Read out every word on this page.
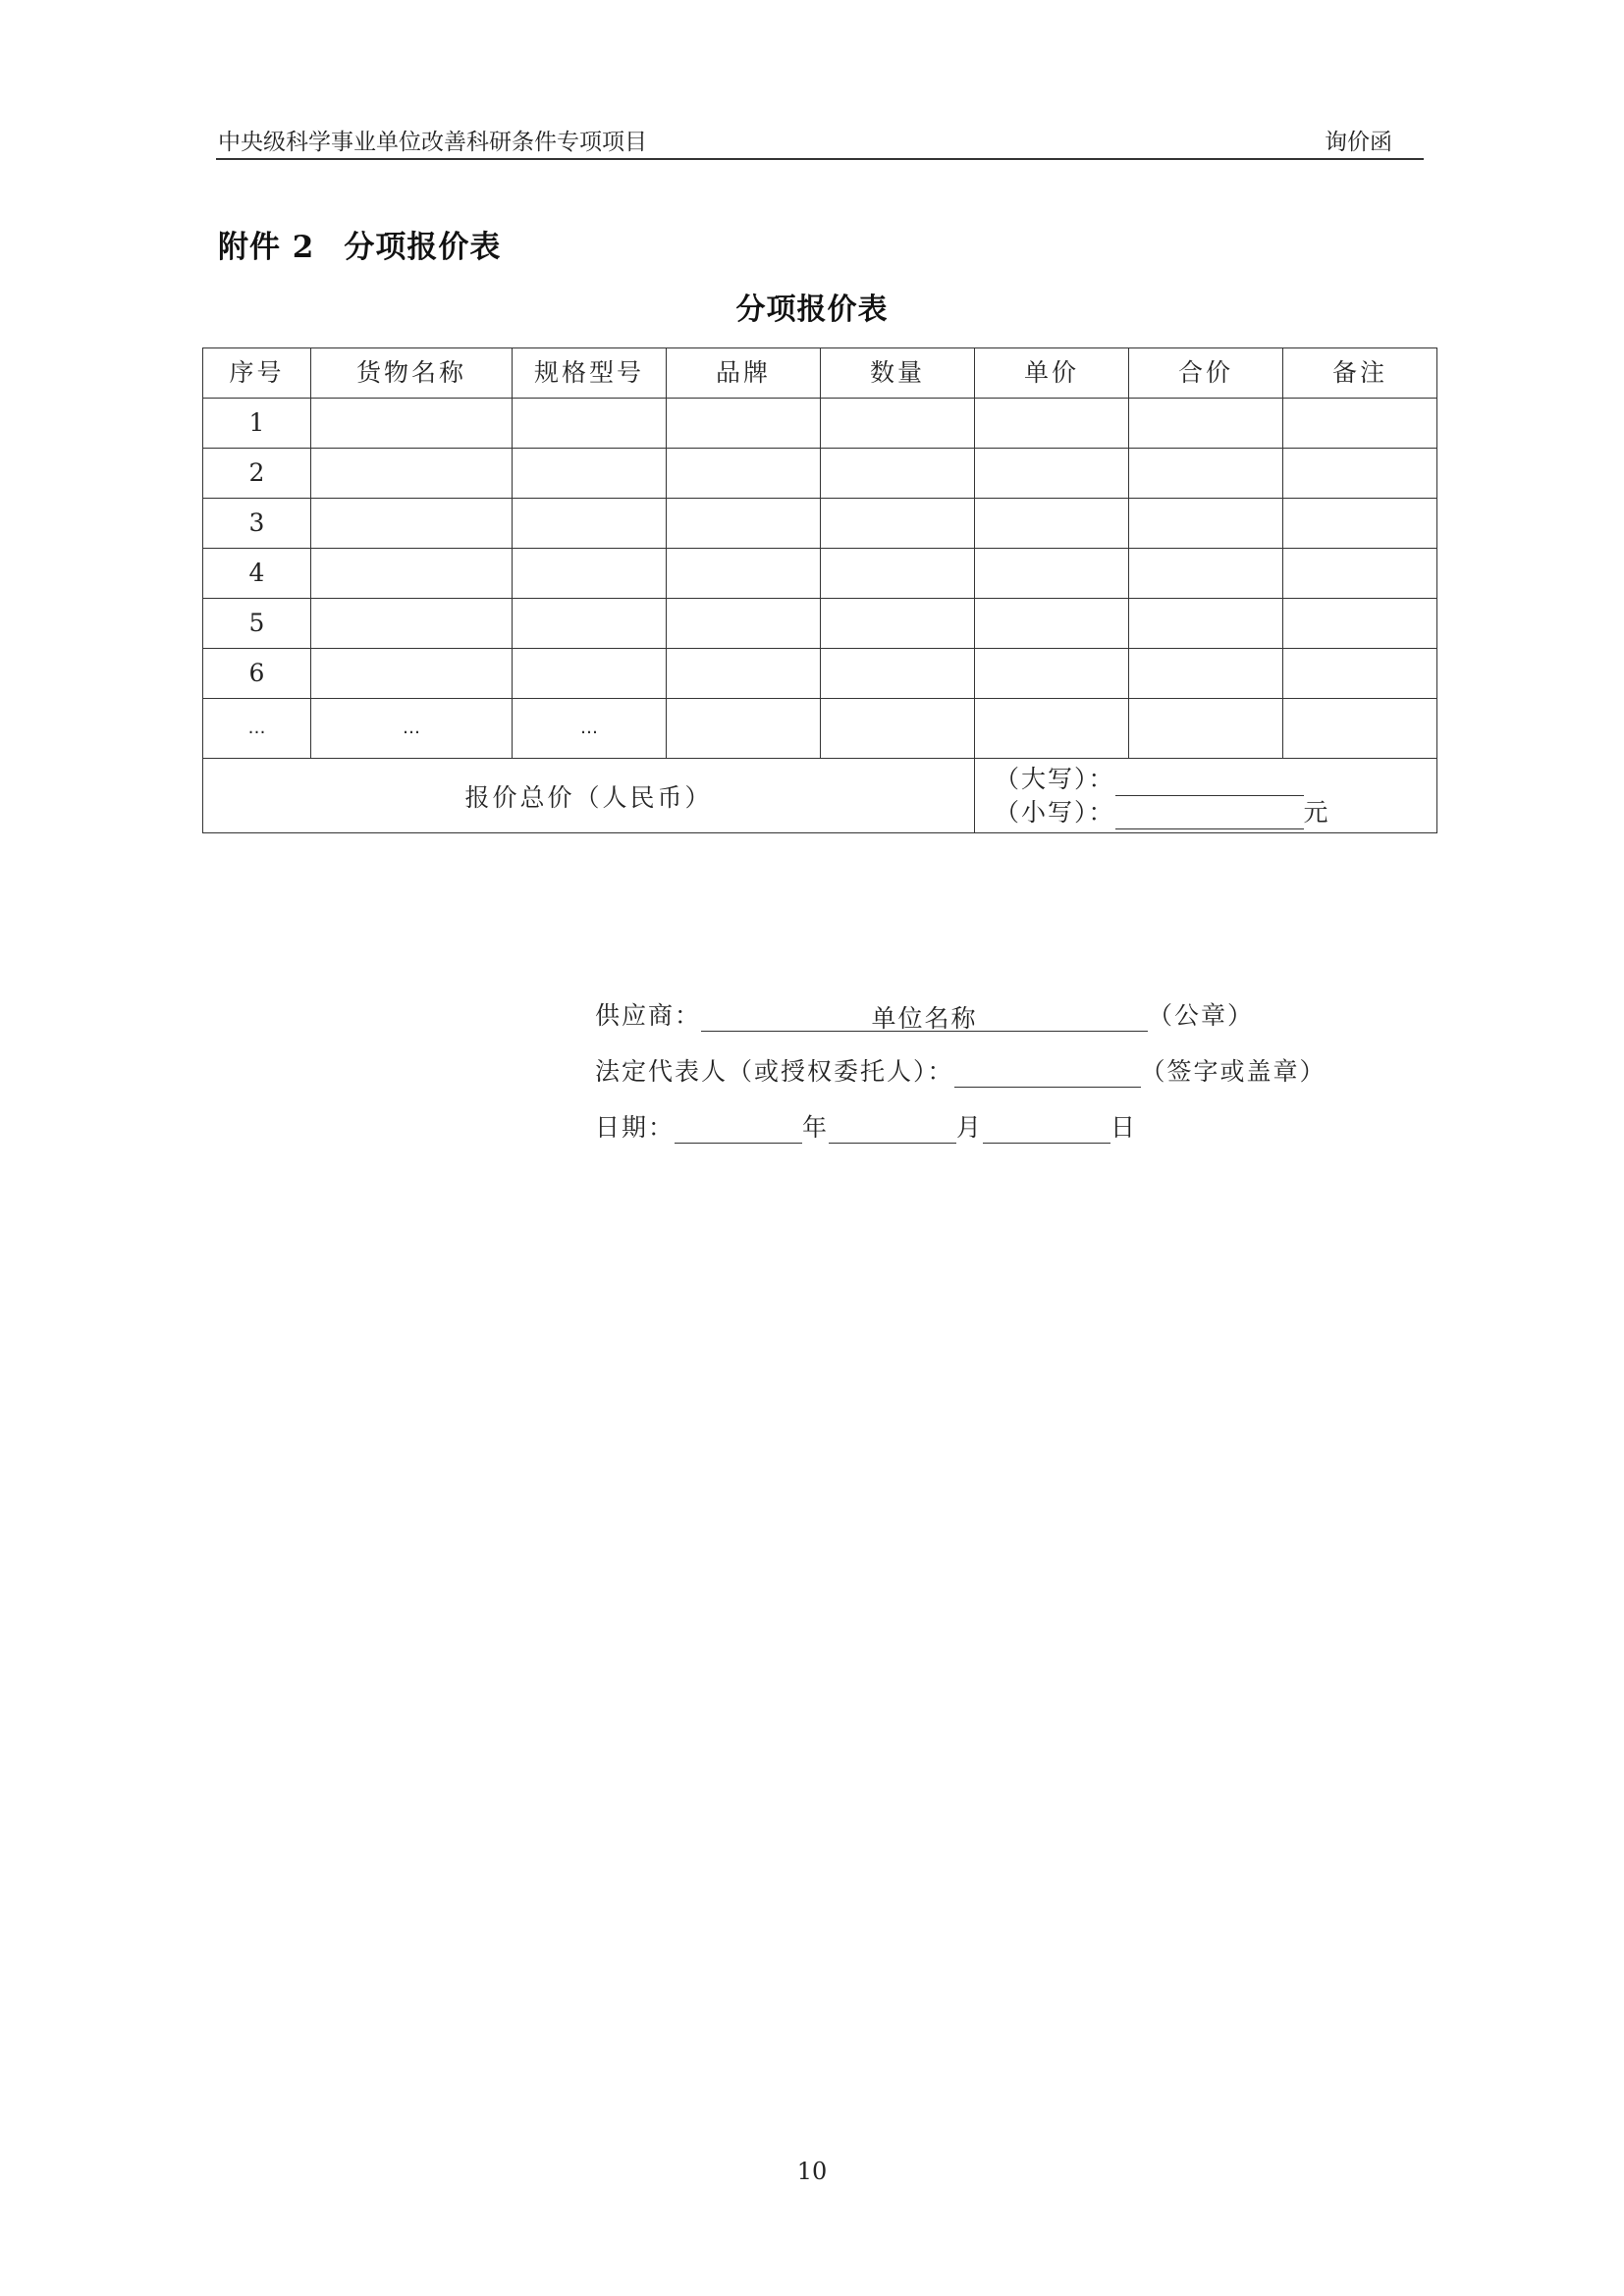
中央级科学事业单位改善科研条件专项项目	询价函
附件 2 分项报价表
分项报价表
序号	货物名称	规格型号	品牌	数量	单价	合价	备注
1							
2							
3							
4							
5							
6							
…	…	…					
报价总价（人民币）					（大写）：
（小写）： 元		
供应商：	单位名称	（公章）
法定代表人（或授权委托人）：	（签字或盖章）
日期：	年	月	日
10
